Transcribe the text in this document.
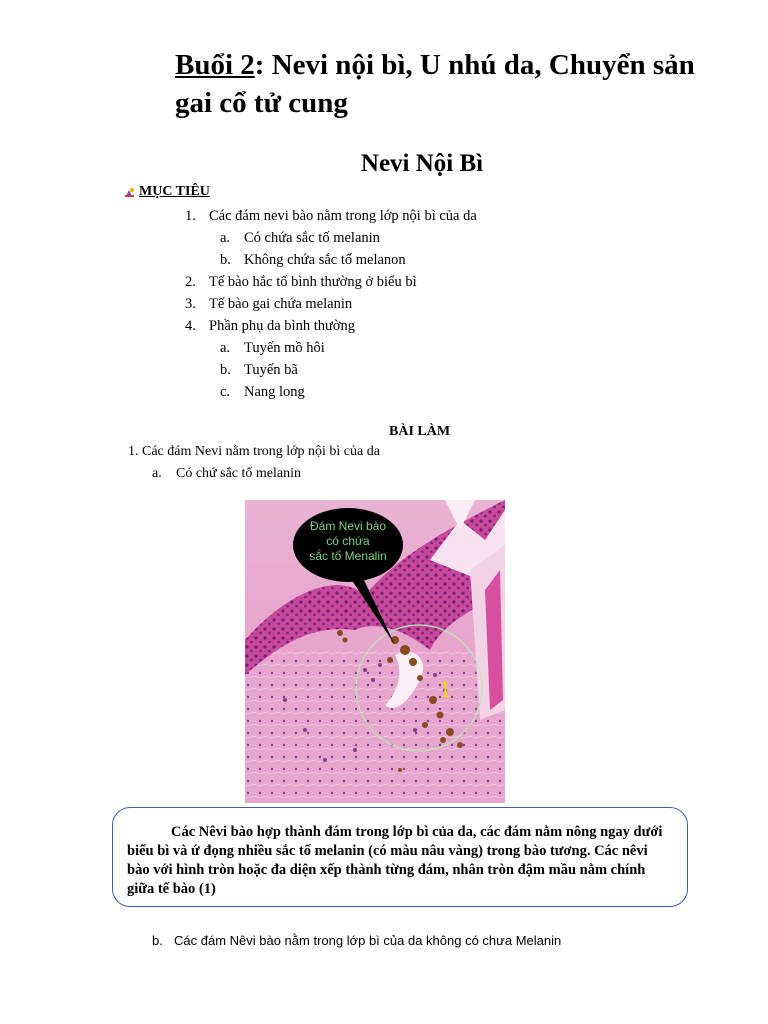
Buổi 2: Nevi nội bì, U nhú da, Chuyển sản gai cổ tử cung
Nevi Nội Bì
MỤC TIÊU
1. Các đám nevi bào nằm trong lớp nội bì của da
a. Có chứa sắc tố melanin
b. Không chứa sắc tố melanon
2. Tế bào hắc tố bình thường ở biểu bì
3. Tế bào gai chứa melanin
4. Phần phụ da bình thường
a. Tuyến mồ hôi
b. Tuyến bã
c. Nang long
BÀI LÀM
1. Các đám Nevi nằm trong lớp nội bì của da
a. Có chứ sắc tố melanin
Đám Nevi bào
có chứa
sắc tố Menalin
1
Các Nêvi bào hợp thành đám trong lớp bì của da, các đám nằm nông ngay dưới biểu bì và ứ đọng nhiều sắc tố melanin (có màu nâu vàng) trong bào tương. Các nêvi bào với hình tròn hoặc đa diện xếp thành từng đám, nhân tròn đậm mầu nằm chính giữa tế bào (1)
b. Các đám Nêvi bào nằm trong lớp bì của da không có chưa Melanin
